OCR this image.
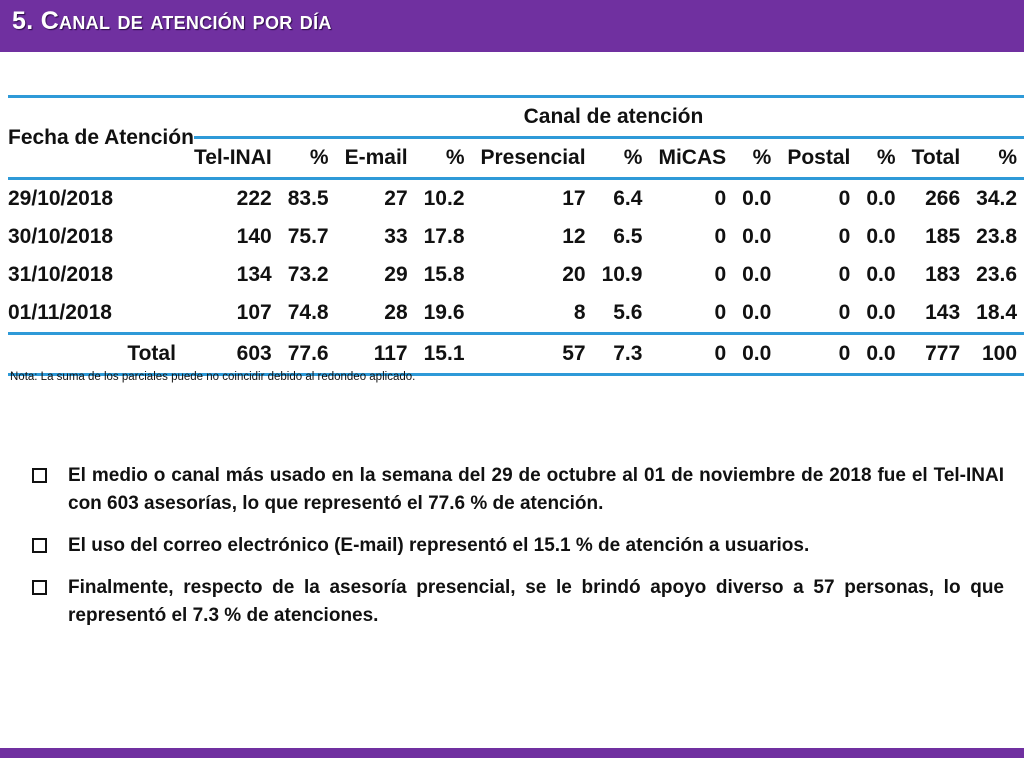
5. Canal de atención por día
Fecha de Atención	Canal de atención											
	Tel-INAI	%	E-mail	%	Presencial	%	MiCAS	%	Postal	%	Total	%
29/10/2018	222	83.5	27	10.2	17	6.4	0	0.0	0	0.0	266	34.2
30/10/2018	140	75.7	33	17.8	12	6.5	0	0.0	0	0.0	185	23.8
31/10/2018	134	73.2	29	15.8	20	10.9	0	0.0	0	0.0	183	23.6
01/11/2018	107	74.8	28	19.6	8	5.6	0	0.0	0	0.0	143	18.4
Total	603	77.6	117	15.1	57	7.3	0	0.0	0	0.0	777	100
Nota: La suma de los parciales puede no coincidir debido al redondeo aplicado.
El medio o canal más usado en la semana del 29 de octubre al 01 de noviembre de 2018 fue el Tel-INAI con 603 asesorías, lo que representó el 77.6 % de atención.
El uso del correo electrónico (E-mail) representó el 15.1 % de atención a usuarios.
Finalmente, respecto de la asesoría presencial, se le brindó apoyo diverso a 57 personas, lo que representó el 7.3 % de atenciones.
